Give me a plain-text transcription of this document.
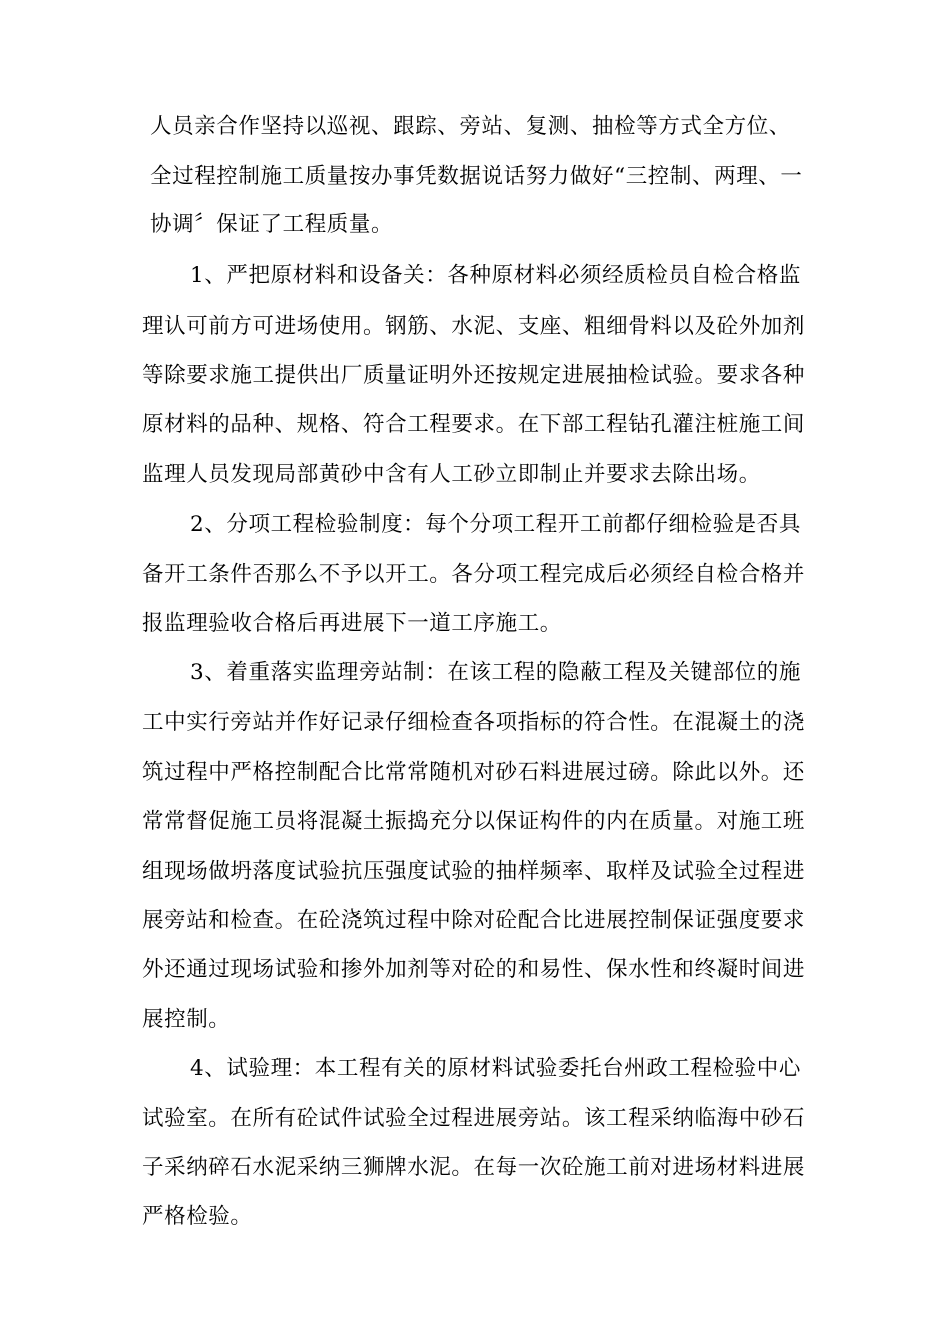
人员亲合作坚持以巡视、跟踪、旁站、复测、抽检等方式全方位、
全过程控制施工质量按办事凭数据说话努力做好“三控制、两理、一
协调〞保证了工程质量。
1、严把原材料和设备关：各种原材料必须经质检员自检合格监
理认可前方可进场使用。钢筋、水泥、支座、粗细骨料以及砼外加剂
等除要求施工提供出厂质量证明外还按规定进展抽检试验。要求各种
原材料的品种、规格、符合工程要求。在下部工程钻孔灌注桩施工间
监理人员发现局部黄砂中含有人工砂立即制止并要求去除出场。
2、分项工程检验制度：每个分项工程开工前都仔细检验是否具
备开工条件否那么不予以开工。各分项工程完成后必须经自检合格并
报监理验收合格后再进展下一道工序施工。
3、着重落实监理旁站制：在该工程的隐蔽工程及关键部位的施
工中实行旁站并作好记录仔细检查各项指标的符合性。在混凝土的浇
筑过程中严格控制配合比常常随机对砂石料进展过磅。除此以外。还
常常督促施工员将混凝土振捣充分以保证构件的内在质量。对施工班
组现场做坍落度试验抗压强度试验的抽样频率、取样及试验全过程进
展旁站和检查。在砼浇筑过程中除对砼配合比进展控制保证强度要求
外还通过现场试验和掺外加剂等对砼的和易性、保水性和终凝时间进
展控制。
4、试验理：本工程有关的原材料试验委托台州政工程检验中心
试验室。在所有砼试件试验全过程进展旁站。该工程采纳临海中砂石
子采纳碎石水泥采纳三狮牌水泥。在每一次砼施工前对进场材料进展
严格检验。
